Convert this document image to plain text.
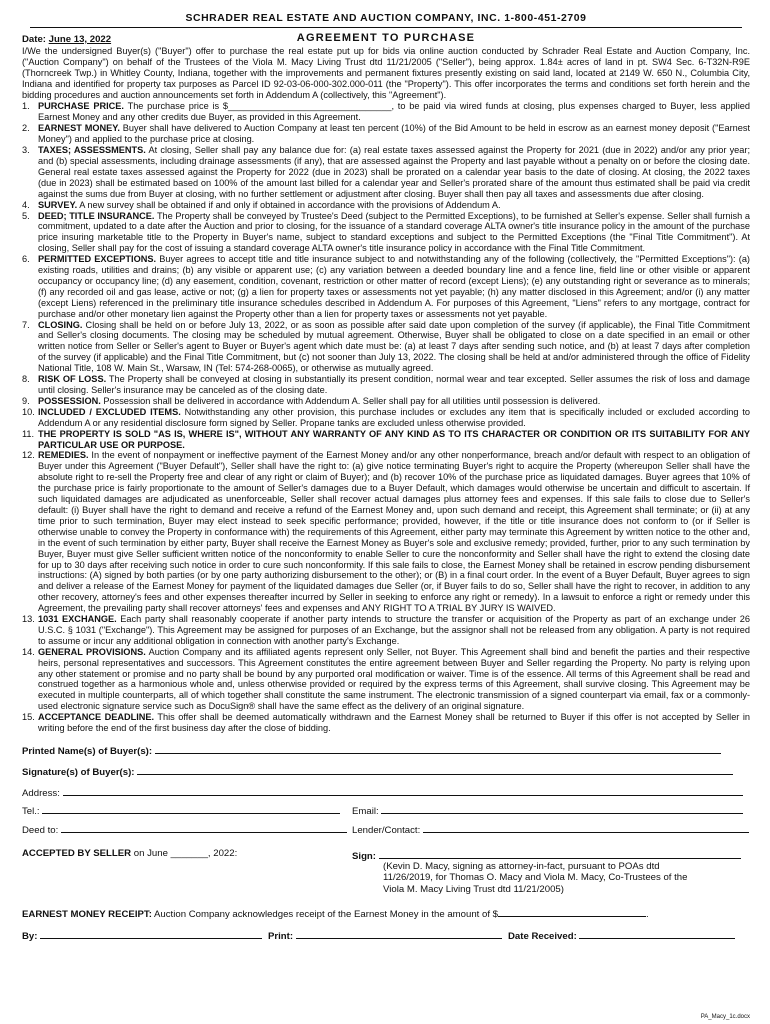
SCHRADER REAL ESTATE AND AUCTION COMPANY, INC. 1-800-451-2709
Date: June 13, 2022	AGREEMENT TO PURCHASE

I/We the undersigned Buyer(s) ("Buyer") offer to purchase the real estate put up for bids via online auction conducted by Schrader Real Estate and Auction Company, Inc. ("Auction Company") on behalf of the Trustees of the Viola M. Macy Living Trust dtd 11/21/2005 ("Seller"), being approx. 1.84± acres of land in pt. SW4 Sec. 6-T32N-R9E (Thorncreek Twp.) in Whitley County, Indiana, together with the improvements and permanent fixtures presently existing on said land, located at 2149 W. 650 N., Columbia City, Indiana and identified for property tax purposes as Parcel ID 92-03-06-000-302.000-011 (the "Property"). This offer incorporates the terms and conditions set forth herein and the bidding procedures and auction announcements set forth in Addendum A (collectively, this "Agreement").

1. PURCHASE PRICE. The purchase price is $________________________________, to be paid via wired funds at closing, plus expenses charged to Buyer, less applied Earnest Money and any other credits due Buyer, as provided in this Agreement.
2. EARNEST MONEY. Buyer shall have delivered to Auction Company at least ten percent (10%) of the Bid Amount to be held in escrow as an earnest money deposit ("Earnest Money") and applied to the purchase price at closing.
3. TAXES; ASSESSMENTS. At closing, Seller shall pay any balance due for: (a) real estate taxes assessed against the Property for 2021 (due in 2022) and/or any prior year; and (b) special assessments, including drainage assessments (if any), that are assessed against the Property and last payable without a penalty on or before the closing date. General real estate taxes assessed against the Property for 2022 (due in 2023) shall be prorated on a calendar year basis to the date of closing. At closing, the 2022 taxes (due in 2023) shall be estimated based on 100% of the amount last billed for a calendar year and Seller's prorated share of the amount thus estimated shall be paid via credit against the sums due from Buyer at closing, with no further settlement or adjustment after closing. Buyer shall then pay all taxes and assessments due after closing.
4. SURVEY. A new survey shall be obtained if and only if obtained in accordance with the provisions of Addendum A.
5. DEED; TITLE INSURANCE. The Property shall be conveyed by Trustee's Deed (subject to the Permitted Exceptions), to be furnished at Seller's expense. Seller shall furnish a commitment, updated to a date after the Auction and prior to closing, for the issuance of a standard coverage ALTA owner's title insurance policy in the amount of the purchase price insuring marketable title to the Property in Buyer's name, subject to standard exceptions and subject to the Permitted Exceptions (the "Final Title Commitment"). At closing, Seller shall pay for the cost of issuing a standard coverage ALTA owner's title insurance policy in accordance with the Final Title Commitment.
6. PERMITTED EXCEPTIONS. Buyer agrees to accept title and title insurance subject to and notwithstanding any of the following (collectively, the "Permitted Exceptions"): (a) existing roads, utilities and drains; (b) any visible or apparent use; (c) any variation between a deeded boundary line and a fence line, field line or other visible or apparent occupancy or occupancy line; (d) any easement, condition, covenant, restriction or other matter of record (except Liens); (e) any outstanding right or severance as to minerals; (f) any recorded oil and gas lease, active or not; (g) a lien for property taxes or assessments not yet payable; (h) any matter disclosed in this Agreement; and/or (i) any matter (except Liens) referenced in the preliminary title insurance schedules described in Addendum A. For purposes of this Agreement, "Liens" refers to any mortgage, contract for purchase and/or other monetary lien against the Property other than a lien for property taxes or assessments not yet payable.
7. CLOSING. Closing shall be held on or before July 13, 2022, or as soon as possible after said date upon completion of the survey (if applicable), the Final Title Commitment and Seller's closing documents. The closing may be scheduled by mutual agreement. Otherwise, Buyer shall be obligated to close on a date specified in an email or other written notice from Seller or Seller's agent to Buyer or Buyer's agent which date must be: (a) at least 7 days after sending such notice, and (b) at least 7 days after completion of the survey (if applicable) and the Final Title Commitment, but (c) not sooner than July 13, 2022. The closing shall be held at and/or administered through the office of Fidelity National Title, 108 W. Main St., Warsaw, IN (Tel: 574-268-0065), or otherwise as mutually agreed.
8. RISK OF LOSS. The Property shall be conveyed at closing in substantially its present condition, normal wear and tear excepted. Seller assumes the risk of loss and damage until closing. Seller's insurance may be canceled as of the closing date.
9. POSSESSION. Possession shall be delivered in accordance with Addendum A. Seller shall pay for all utilities until possession is delivered.
10. INCLUDED / EXCLUDED ITEMS. Notwithstanding any other provision, this purchase includes or excludes any item that is specifically included or excluded according to Addendum A or any residential disclosure form signed by Seller. Propane tanks are excluded unless otherwise provided.
11. THE PROPERTY IS SOLD "AS IS, WHERE IS", WITHOUT ANY WARRANTY OF ANY KIND AS TO ITS CHARACTER OR CONDITION OR ITS SUITABILITY FOR ANY PARTICULAR USE OR PURPOSE.
12. REMEDIES. In the event of nonpayment or ineffective payment of the Earnest Money and/or any other nonperformance, breach and/or default with respect to an obligation of Buyer under this Agreement ("Buyer Default"), Seller shall have the right to: (a) give notice terminating Buyer's right to acquire the Property (whereupon Seller shall have the absolute right to re-sell the Property free and clear of any right or claim of Buyer); and (b) recover 10% of the purchase price as liquidated damages. Buyer agrees that 10% of the purchase price is fairly proportionate to the amount of Seller's damages due to a Buyer Default, which damages would otherwise be uncertain and difficult to ascertain. If such liquidated damages are adjudicated as unenforceable, Seller shall recover actual damages plus attorney fees and expenses. If this sale fails to close due to Seller's default: (i) Buyer shall have the right to demand and receive a refund of the Earnest Money and, upon such demand and receipt, this Agreement shall terminate; or (ii) at any time prior to such termination, Buyer may elect instead to seek specific performance; provided, however, if the title or title insurance does not conform to (or if Seller is otherwise unable to convey the Property in conformance with) the requirements of this Agreement, either party may terminate this Agreement by written notice to the other and, in the event of such termination by either party, Buyer shall receive the Earnest Money as Buyer's sole and exclusive remedy; provided, further, prior to any such termination by Buyer, Buyer must give Seller sufficient written notice of the nonconformity to enable Seller to cure the nonconformity and Seller shall have the right to extend the closing date for up to 30 days after receiving such notice in order to cure such nonconformity. If this sale fails to close, the Earnest Money shall be retained in escrow pending disbursement instructions: (A) signed by both parties (or by one party authorizing disbursement to the other); or (B) in a final court order. In the event of a Buyer Default, Buyer agrees to sign and deliver a release of the Earnest Money for payment of the liquidated damages due Seller (or, if Buyer fails to do so, Seller shall have the right to recover, in addition to any other recovery, attorney's fees and other expenses thereafter incurred by Seller in seeking to enforce any right or remedy). In a lawsuit to enforce a right or remedy under this Agreement, the prevailing party shall recover attorneys' fees and expenses and ANY RIGHT TO A TRIAL BY JURY IS WAIVED.
13. 1031 EXCHANGE. Each party shall reasonably cooperate if another party intends to structure the transfer or acquisition of the Property as part of an exchange under 26 U.S.C. § 1031 ("Exchange"). This Agreement may be assigned for purposes of an Exchange, but the assignor shall not be released from any obligation. A party is not required to assume or incur any additional obligation in connection with another party's Exchange.
14. GENERAL PROVISIONS. Auction Company and its affiliated agents represent only Seller, not Buyer. This Agreement shall bind and benefit the parties and their respective heirs, personal representatives and successors. This Agreement constitutes the entire agreement between Buyer and Seller regarding the Property. No party is relying upon any other statement or promise and no party shall be bound by any purported oral modification or waiver. Time is of the essence. All terms of this Agreement shall be read and construed together as a harmonious whole and, unless otherwise provided or required by the express terms of this Agreement, shall survive closing. This Agreement may be executed in multiple counterparts, all of which together shall constitute the same instrument. The electronic transmission of a signed counterpart via email, fax or a commonly-used electronic signature service such as DocuSign® shall have the same effect as the delivery of an original signature.
15. ACCEPTANCE DEADLINE. This offer shall be deemed automatically withdrawn and the Earnest Money shall be returned to Buyer if this offer is not accepted by Seller in writing before the end of the first business day after the close of bidding.
Printed Name(s) of Buyer(s):
Signature(s) of Buyer(s):
Address:
Tel.:	Email:
Deed to:	Lender/Contact:
ACCEPTED BY SELLER on June _______, 2022:	Sign:
(Kevin D. Macy, signing as attorney-in-fact, pursuant to POAs dtd
11/26/2019, for Thomas O. Macy and Viola M. Macy, Co-Trustees of the
Viola M. Macy Living Trust dtd 11/21/2005)
EARNEST MONEY RECEIPT: Auction Company acknowledges receipt of the Earnest Money in the amount of $	.
By:	Print:	Date Received:
PA_Macy_1c.docx
